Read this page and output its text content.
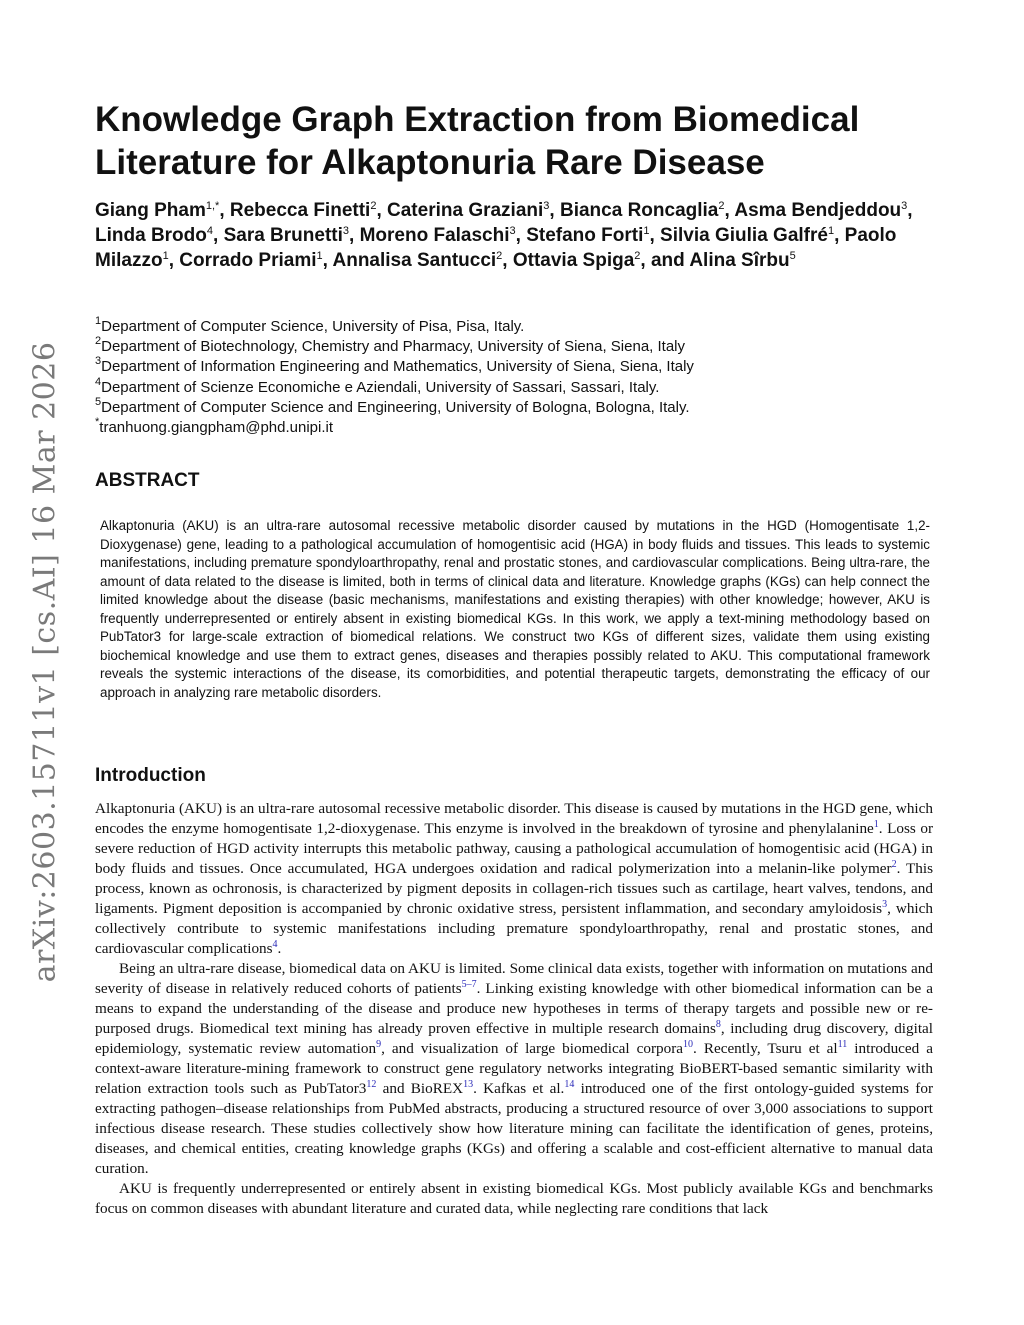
arXiv:2603.15711v1 [cs.AI] 16 Mar 2026
Knowledge Graph Extraction from Biomedical
Literature for Alkaptonuria Rare Disease
Giang Pham$^{1,*}$, Rebecca Finetti$^2$, Caterina Graziani$^3$, Bianca Roncaglia$^2$, Asma Bendjeddou$^3$, Linda Brodo$^4$, Sara Brunetti$^3$, Moreno Falaschi$^3$, Stefano Forti$^1$, Silvia Giulia Galfré$^1$, Paolo Milazzo$^1$, Corrado Priami$^1$, Annalisa Santucci$^2$, Ottavia Spiga$^2$, and Alina Sîrbu$^5$
$^1$Department of Computer Science, University of Pisa, Pisa, Italy.
$^2$Department of Biotechnology, Chemistry and Pharmacy, University of Siena, Siena, Italy
$^3$Department of Information Engineering and Mathematics, University of Siena, Siena, Italy
$^4$Department of Scienze Economiche e Aziendali, University of Sassari, Sassari, Italy.
$^5$Department of Computer Science and Engineering, University of Bologna, Bologna, Italy.
*tranhuong.giangpham@phd.unipi.it
ABSTRACT

Alkaptonuria (AKU) is an ultra-rare autosomal recessive metabolic disorder caused by mutations in the HGD (Homogentisate 1,2-Dioxygenase) gene, leading to a pathological accumulation of homogentisic acid (HGA) in body fluids and tissues. This leads to systemic manifestations, including premature spondyloarthropathy, renal and prostatic stones, and cardiovascular complications. Being ultra-rare, the amount of data related to the disease is limited, both in terms of clinical data and literature. Knowledge graphs (KGs) can help connect the limited knowledge about the disease (basic mechanisms, manifestations and existing therapies) with other knowledge; however, AKU is frequently underrepresented or entirely absent in existing biomedical KGs. In this work, we apply a text-mining methodology based on PubTator3 for large-scale extraction of biomedical relations. We construct two KGs of different sizes, validate them using existing biochemical knowledge and use them to extract genes, diseases and therapies possibly related to AKU. This computational framework reveals the systemic interactions of the disease, its comorbidities, and potential therapeutic targets, demonstrating the efficacy of our approach in analyzing rare metabolic disorders.

Introduction

Alkaptonuria (AKU) is an ultra-rare autosomal recessive metabolic disorder. This disease is caused by mutations in the HGD gene, which encodes the enzyme homogentisate 1,2-dioxygenase. This enzyme is involved in the breakdown of tyrosine and phenylalanine$^1$. Loss or severe reduction of HGD activity interrupts this metabolic pathway, causing a pathological accumulation of homogentisic acid (HGA) in body fluids and tissues. Once accumulated, HGA undergoes oxidation and radical polymerization into a melanin-like polymer$^2$. This process, known as ochronosis, is characterized by pigment deposits in collagen-rich tissues such as cartilage, heart valves, tendons, and ligaments. Pigment deposition is accompanied by chronic oxidative stress, persistent inflammation, and secondary amyloidosis$^3$, which collectively contribute to systemic manifestations including premature spondyloarthropathy, renal and prostatic stones, and cardiovascular complications$^4$.

Being an ultra-rare disease, biomedical data on AKU is limited. Some clinical data exists, together with information on mutations and severity of disease in relatively reduced cohorts of patients$^{5-7}$. Linking existing knowledge with other biomedical information can be a means to expand the understanding of the disease and produce new hypotheses in terms of therapy targets and possible new or re-purposed drugs. Biomedical text mining has already proven effective in multiple research domains$^8$, including drug discovery, digital epidemiology, systematic review automation$^9$, and visualization of large biomedical corpora$^{10}$. Recently, Tsuru et al$^{11}$ introduced a context-aware literature-mining framework to construct gene regulatory networks integrating BioBERT-based semantic similarity with relation extraction tools such as PubTator3$^{12}$ and BioREX$^{13}$. Kafkas et al.$^{14}$ introduced one of the first ontology-guided systems for extracting pathogen–disease relationships from PubMed abstracts, producing a structured resource of over 3,000 associations to support infectious disease research. These studies collectively show how literature mining can facilitate the identification of genes, proteins, diseases, and chemical entities, creating knowledge graphs (KGs) and offering a scalable and cost-efficient alternative to manual data curation.

AKU is frequently underrepresented or entirely absent in existing biomedical KGs. Most publicly available KGs and benchmarks focus on common diseases with abundant literature and curated data, while neglecting rare conditions that lack
